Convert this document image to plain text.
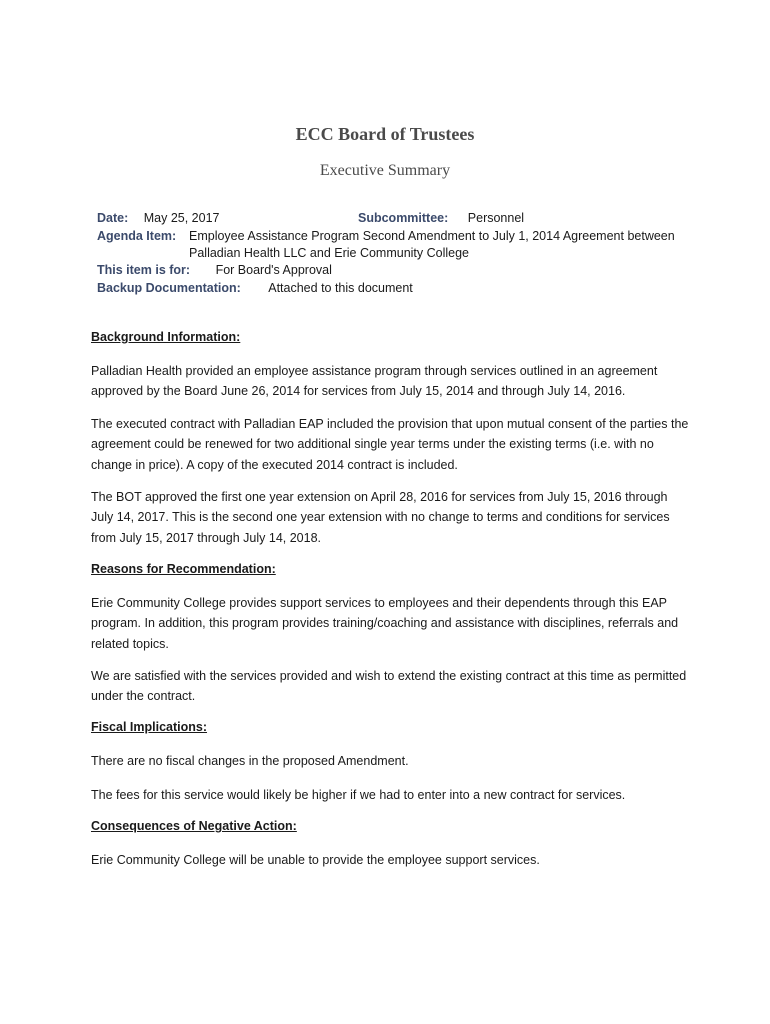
ECC Board of Trustees
Executive Summary
Date: May 25, 2017	Subcommittee: Personnel
Agenda Item: Employee Assistance Program Second Amendment to July 1, 2014 Agreement between
Palladian Health LLC and Erie Community College
This item is for: For Board's Approval
Backup Documentation: Attached to this document
Background Information:
Palladian Health provided an employee assistance program through services outlined in an agreement approved by the Board June 26, 2014 for services from July 15, 2014 and through July 14, 2016.
The executed contract with Palladian EAP included the provision that upon mutual consent of the parties the agreement could be renewed for two additional single year terms under the existing terms (i.e. with no change in price). A copy of the executed 2014 contract is included.
The BOT approved the first one year extension on April 28, 2016 for services from July 15, 2016 through July 14, 2017. This is the second one year extension with no change to terms and conditions for services from July 15, 2017 through July 14, 2018.
Reasons for Recommendation:
Erie Community College provides support services to employees and their dependents through this EAP program. In addition, this program provides training/coaching and assistance with disciplines, referrals and related topics.
We are satisfied with the services provided and wish to extend the existing contract at this time as permitted under the contract.
Fiscal Implications:
There are no fiscal changes in the proposed Amendment.
The fees for this service would likely be higher if we had to enter into a new contract for services.
Consequences of Negative Action:
Erie Community College will be unable to provide the employee support services.
